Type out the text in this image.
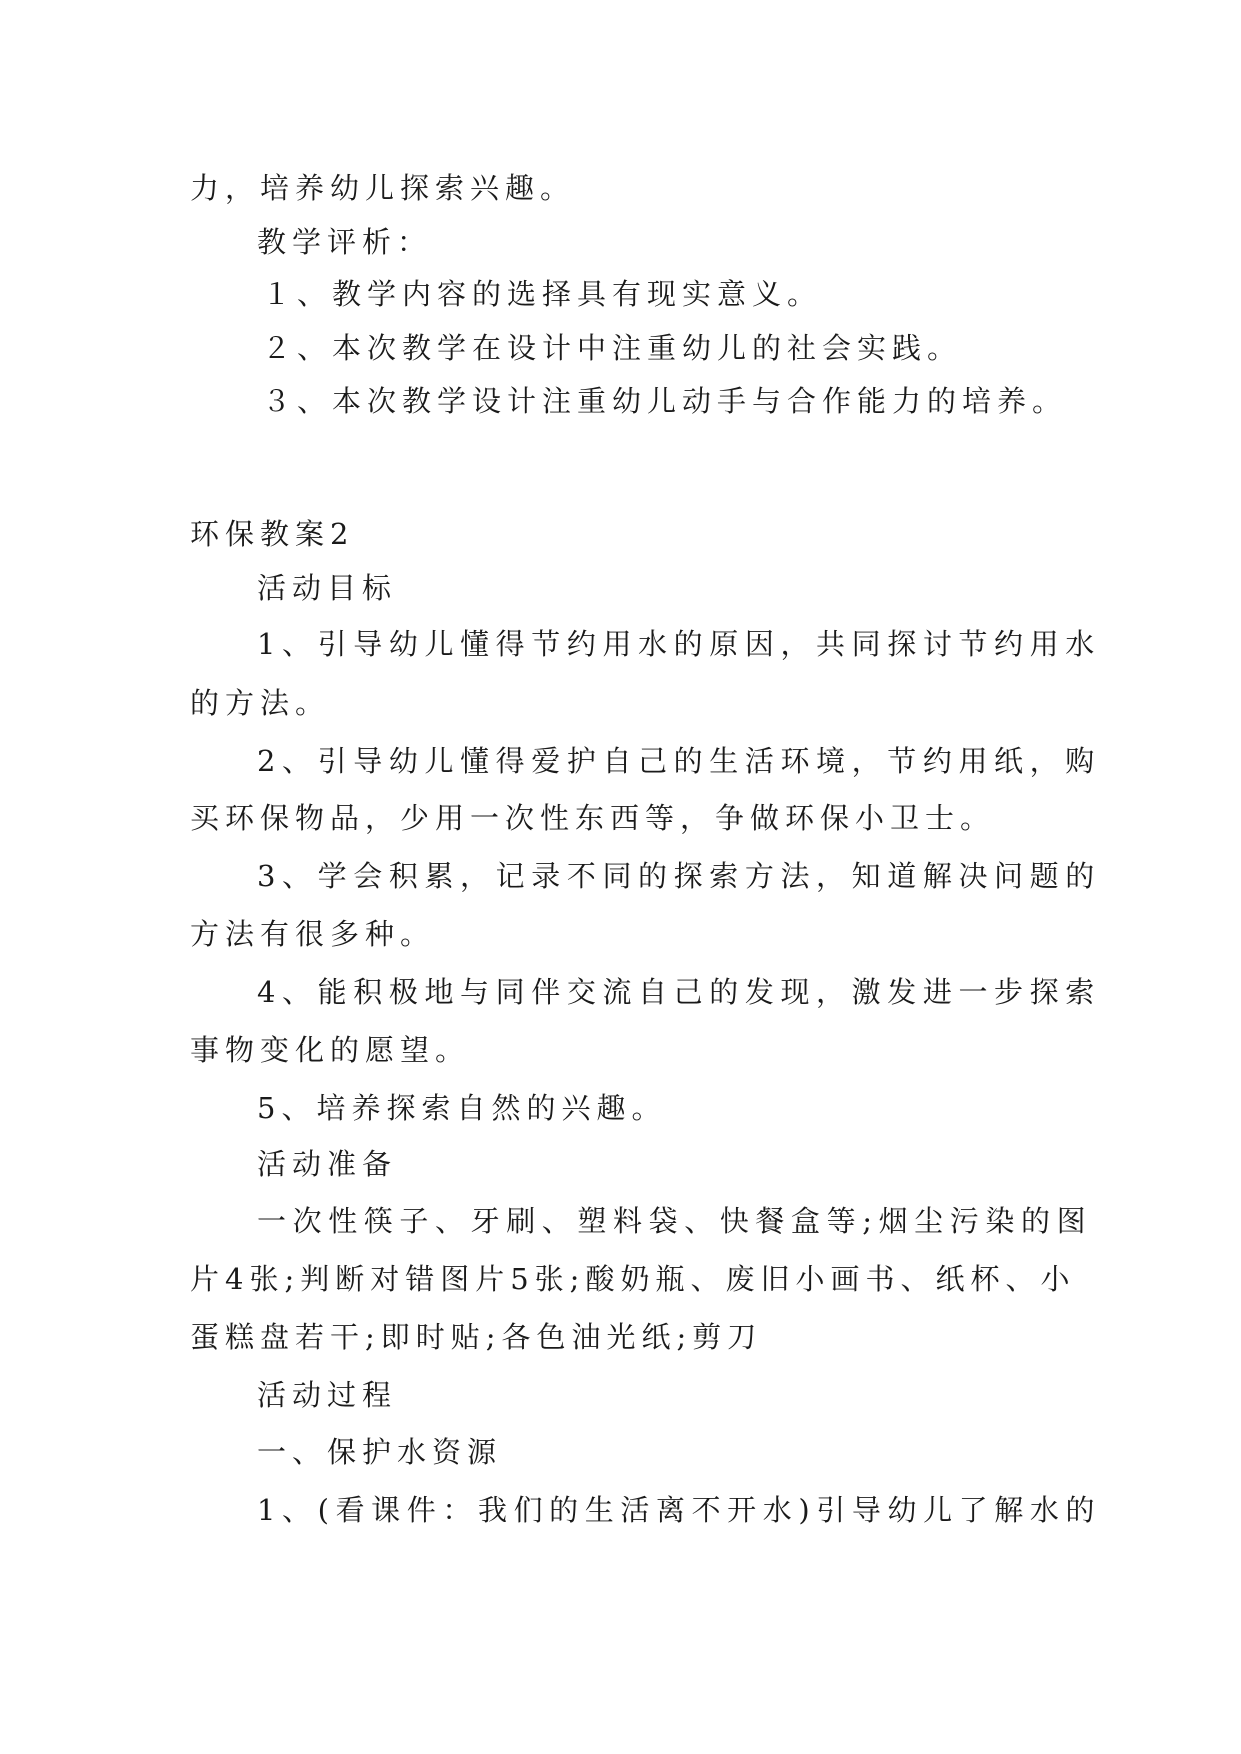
力，培养幼儿探索兴趣。
教学评析：
１、教学内容的选择具有现实意义。
２、本次教学在设计中注重幼儿的社会实践。
３、本次教学设计注重幼儿动手与合作能力的培养。
环保教案2
活动目标
1、引导幼儿懂得节约用水的原因，共同探讨节约用水
的方法。
2、引导幼儿懂得爱护自己的生活环境，节约用纸，购
买环保物品，少用一次性东西等，争做环保小卫士。
3、学会积累，记录不同的探索方法，知道解决问题的
方法有很多种。
4、能积极地与同伴交流自己的发现，激发进一步探索
事物变化的愿望。
5、培养探索自然的兴趣。
活动准备
一次性筷子、牙刷、塑料袋、快餐盒等;烟尘污染的图
片4张;判断对错图片5张;酸奶瓶、废旧小画书、纸杯、小
蛋糕盘若干;即时贴;各色油光纸;剪刀
活动过程
一、保护水资源
1、(看课件：我们的生活离不开水)引导幼儿了解水的
